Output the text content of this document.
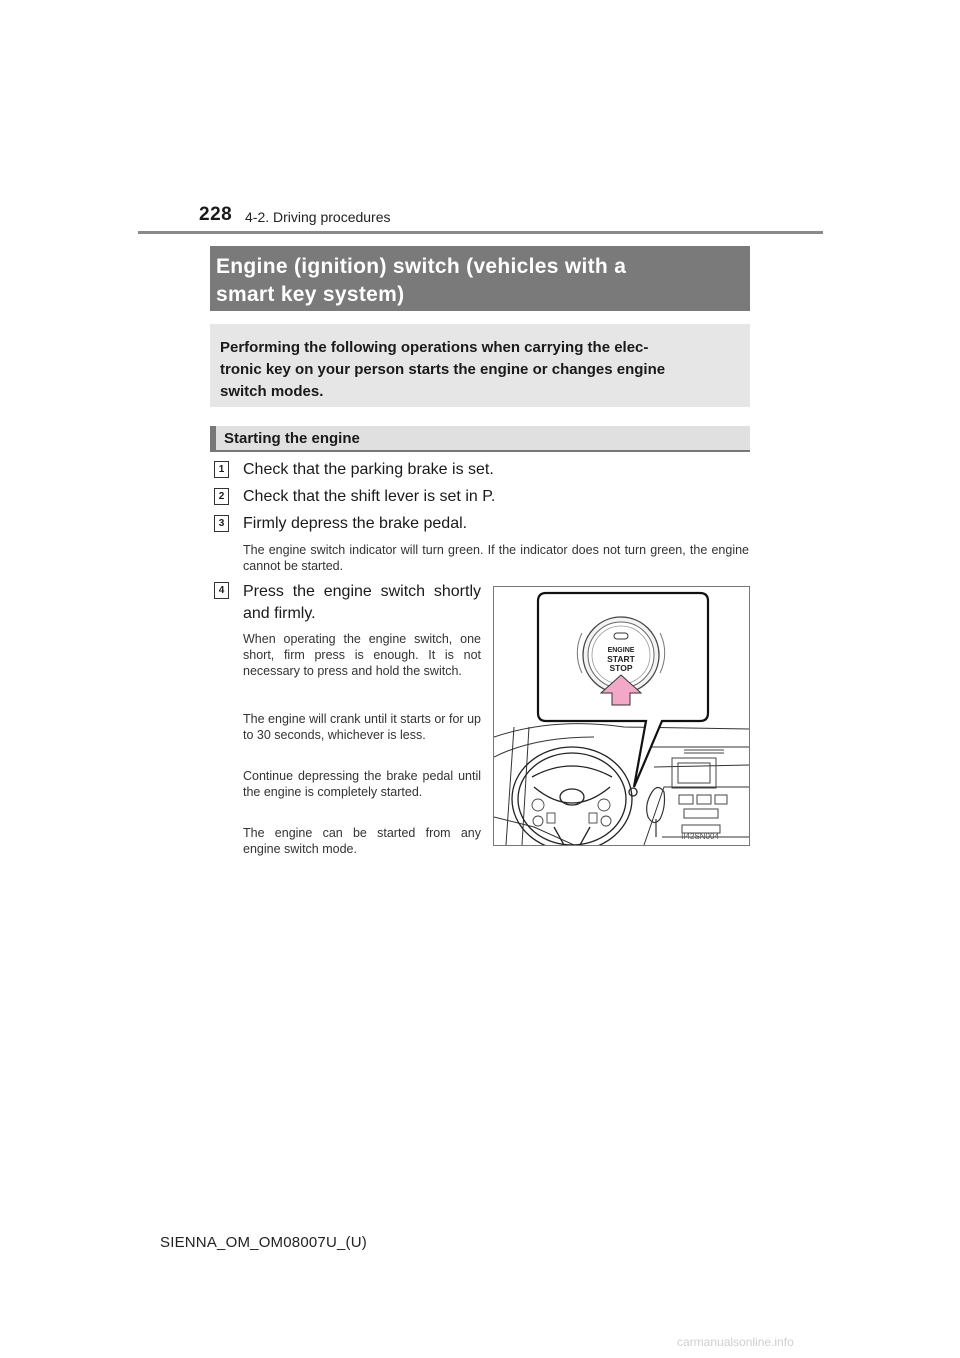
228 4-2. Driving procedures
Engine (ignition) switch (vehicles with a
smart key system)
Performing the following operations when carrying the elec-
tronic key on your person starts the engine or changes engine
switch modes.
Starting the engine
1 Check that the parking brake is set.
2 Check that the shift lever is set in P.
3 Firmly depress the brake pedal.
The engine switch indicator will turn green. If the indicator does not turn green, the engine cannot be started.
4 Press the engine switch shortly and firmly.
When operating the engine switch, one short, firm press is enough. It is not necessary to press and hold the switch.
The engine will crank until it starts or for up to 30 seconds, whichever is less.
Continue depressing the brake pedal until the engine is completely started.
The engine can be started from any engine switch mode.
ENGINE
START
STOP
II42SN004
SIENNA_OM_OM08007U_(U)
carmanualsonline.info
